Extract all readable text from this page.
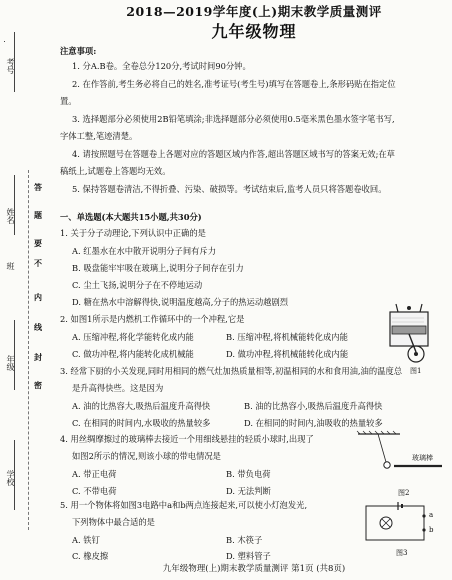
考号
姓名
班
年级
学校
答
题
不
要
内
线
封
密
2018—2019学年度(上)期末教学质量测评
九年级物理
注意事项:
1. 分A.B卷。全卷总分120分,考试时间90分钟。
2. 在作答前,考生务必将自己的姓名,准考证号(考生号)填写在答题卷上,条形码贴在指定位
置。
3. 选择题部分必须使用2B铅笔填涂;非选择题部分必须使用0.5毫米黑色墨水签字笔书写,
字体工整,笔迹清楚。
4. 请按照题号在答题卷上各题对应的答题区域内作答,超出答题区域书写的答案无效;在草
稿纸上,试题卷上答题均无效。
5. 保持答题卷清洁,不得折叠、污染、破损等。考试结束后,监考人员只将答题卷收回。
一、单选题(本大题共15小题,共30分)
1. 关于分子动理论,下列认识中正确的是
A. 红墨水在水中散开说明分子间有斥力
B. 吸盘能牢牢吸在玻璃上,说明分子间存在引力
C. 尘土飞扬,说明分子在不停地运动
D. 糖在热水中溶解得快,说明温度越高,分子的热运动越剧烈
2. 如图1所示是内燃机工作循环中的一个冲程,它是
A. 压缩冲程,将化学能转化成内能	B. 压缩冲程,将机械能转化成内能
C. 做功冲程,将内能转化成机械能	D. 做功冲程,将机械能转化成内能
图1
3. 经常下厨的小关发现,同时用相同的燃气灶加热质量相等,初温相同的水和食用油,油的温度总
是升高得快些。这是因为
A. 油的比热容大,吸热后温度升高得快	B. 油的比热容小,吸热后温度升高得快
C. 在相同的时间内,水吸收的热量较多	D. 在相同的时间内,油吸收的热量较多
4. 用丝绸摩擦过的玻璃棒去接近一个用细线悬挂的轻质小球时,出现了
如图2所示的情况,则该小球的带电情况是
A. 带正电荷	B. 带负电荷
C. 不带电荷	D. 无法判断
玻璃棒
图2
5. 用一个物体将如图3电路中a和b两点连接起来,可以使小灯泡发光,
下列物体中最合适的是
A. 铁钉	B. 木筷子
C. 橡皮擦	D. 塑料管子
a
b
图3
九年级物理(上)期末教学质量测评 第1页 (共8页)
